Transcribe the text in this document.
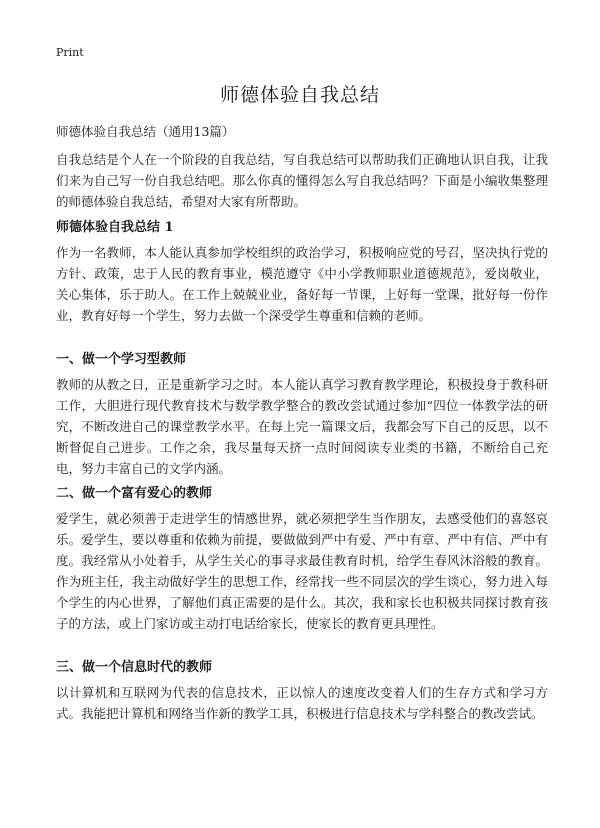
Print
师德体验自我总结

师德体验自我总结（通用13篇）

自我总结是个人在一个阶段的自我总结，写自我总结可以帮助我们正确地认识自我，让我们来为自己写一份自我总结吧。那么你真的懂得怎么写自我总结吗？下面是小编收集整理的师德体验自我总结，希望对大家有所帮助。

师德体验自我总结 1

作为一名教师，本人能认真参加学校组织的政治学习，积极响应党的号召，坚决执行党的方针、政策，忠于人民的教育事业，模范遵守《中小学教师职业道德规范》，爱岗敬业，关心集体，乐于助人。在工作上兢兢业业，备好每一节课，上好每一堂课，批好每一份作业，教育好每一个学生，努力去做一个深受学生尊重和信赖的老师。

一、做一个学习型教师

教师的从教之日，正是重新学习之时。本人能认真学习教育教学理论，积极投身于教科研工作，大胆进行现代教育技术与数学教学整合的教改尝试通过参加“四位一体教学法的研究，不断改进自己的课堂教学水平。在每上完一篇课文后，我都会写下自己的反思，以不断督促自己进步。工作之余，我尽量每天挤一点时间阅读专业类的书籍，不断给自己充电，努力丰富自己的文学内涵。

二、做一个富有爱心的教师

爱学生，就必须善于走进学生的情感世界，就必须把学生当作朋友，去感受他们的喜怒哀乐。爱学生，要以尊重和依赖为前提，要做做到严中有爱、严中有章、严中有信、严中有度。我经常从小处着手，从学生关心的事寻求最佳教育时机，给学生春风沐浴般的教育。作为班主任，我主动做好学生的思想工作，经常找一些不同层次的学生谈心，努力进入每个学生的内心世界，了解他们真正需要的是什么。其次，我和家长也积极共同探讨教育孩子的方法，或上门家访或主动打电话给家长，使家长的教育更具理性。

三、做一个信息时代的教师

以计算机和互联网为代表的信息技术，正以惊人的速度改变着人们的生存方式和学习方式。我能把计算机和网络当作新的教学工具，积极进行信息技术与学科整合的教改尝试。
